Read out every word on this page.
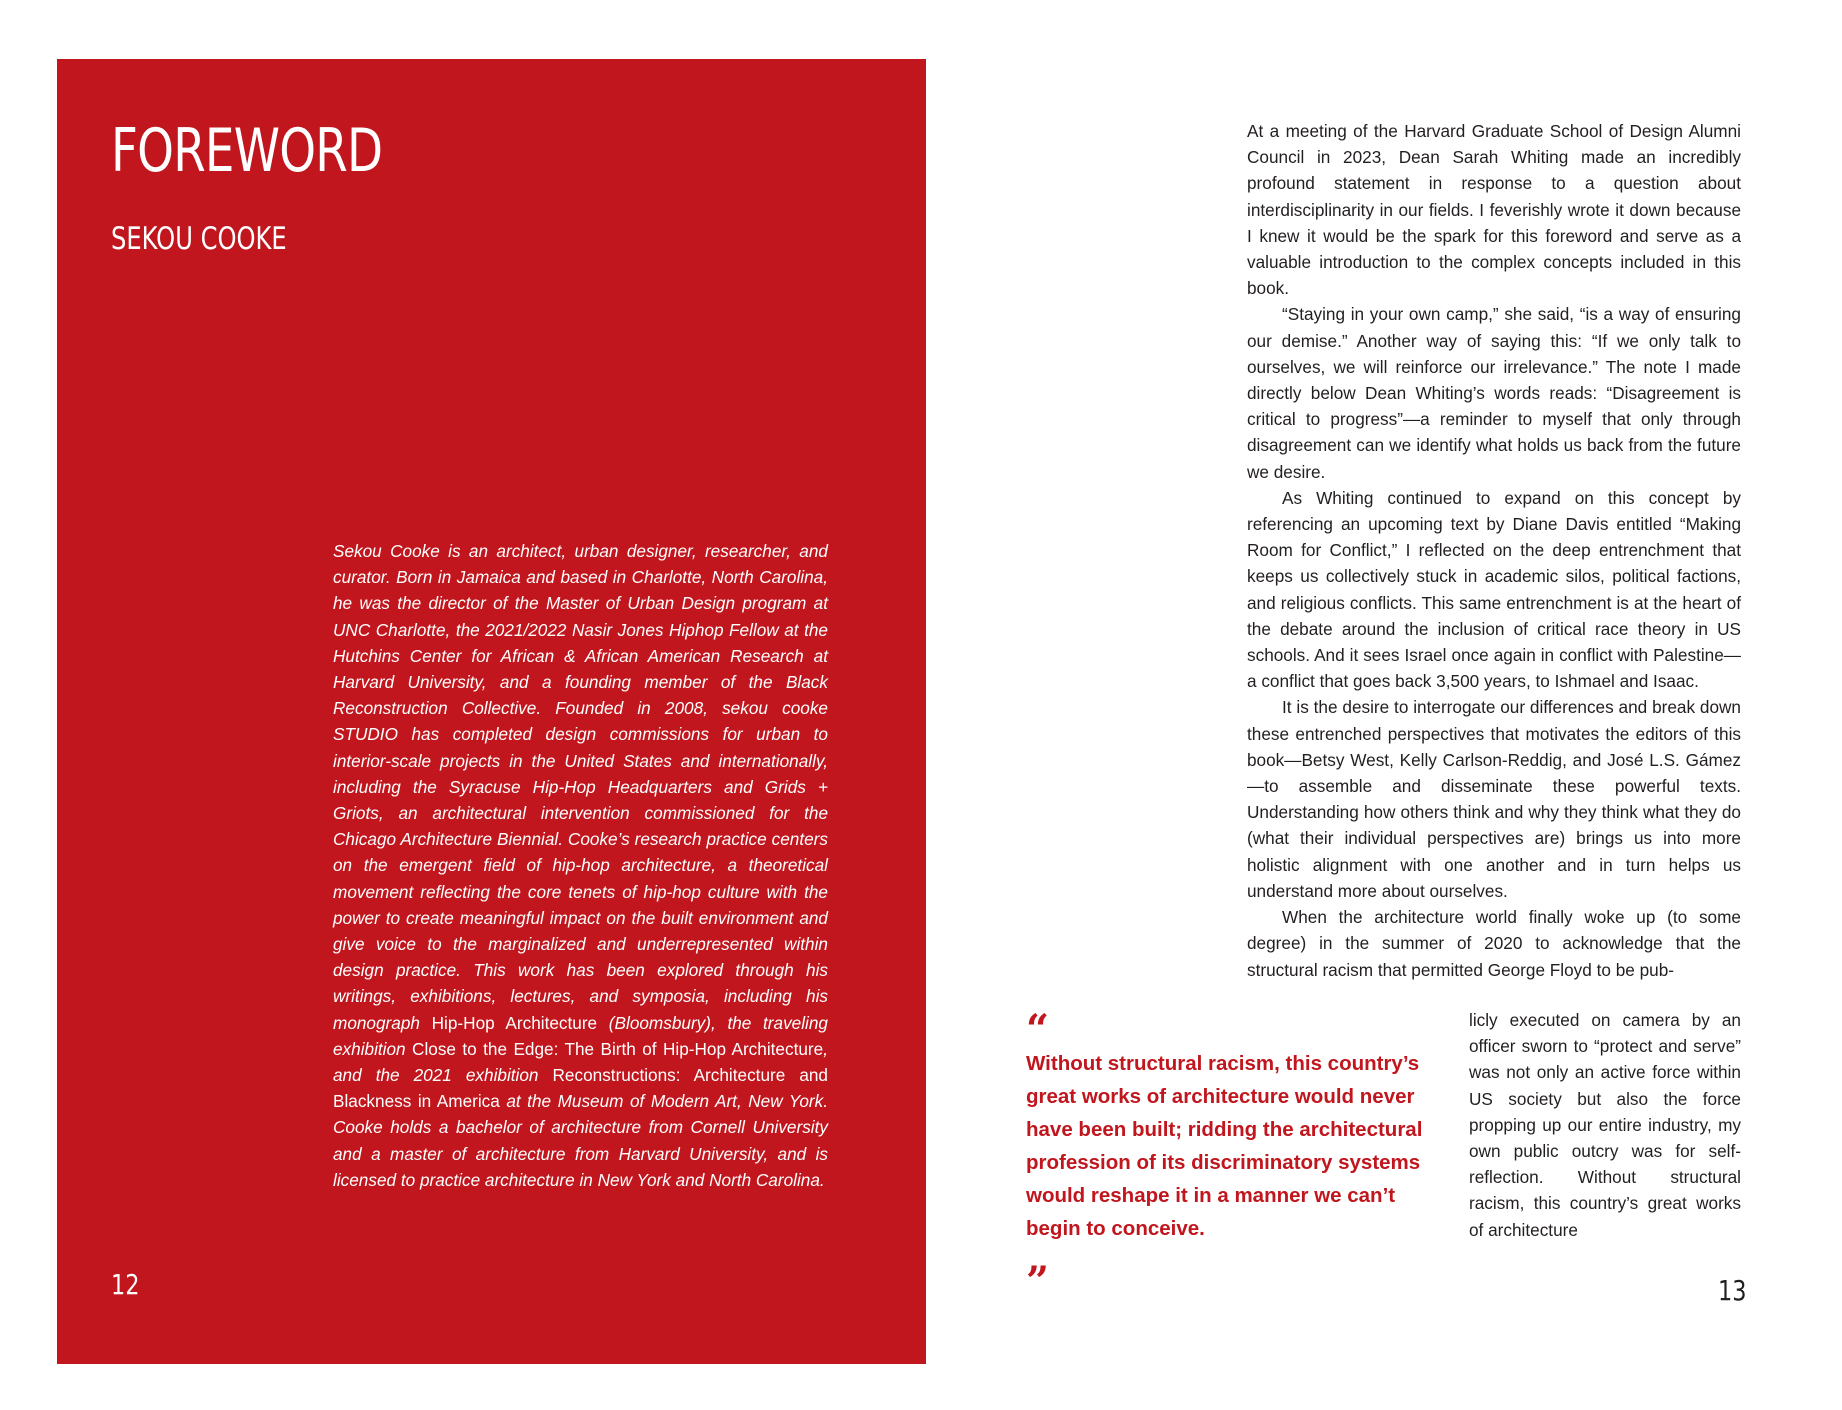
FOREWORD
SEKOU COOKE

Sekou Cooke is an architect, urban designer, researcher, and curator. Born in Jamaica and based in Charlotte, North Carolina, he was the director of the Master of Urban Design program at UNC Charlotte, the 2021/2022 Nasir Jones Hiphop Fellow at the Hutchins Center for African & African American Research at Harvard University, and a founding member of the Black Reconstruction Collective. Founded in 2008, sekou cooke STUDIO has completed design commissions for urban to interior-scale projects in the United States and internationally, including the Syracuse Hip-Hop Headquarters and Grids + Griots, an architectural intervention commissioned for the Chicago Architecture Biennial. Cooke’s research practice centers on the emergent field of hip-hop architecture, a theoretical movement reflecting the core tenets of hip-hop culture with the power to create meaningful impact on the built environment and give voice to the marginalized and underrepresented within design practice. This work has been explored through his writings, exhibitions, lectures, and symposia, including his monograph Hip-Hop Architecture (Bloomsbury), the traveling exhibition Close to the Edge: The Birth of Hip-Hop Architecture, and the 2021 exhibition Reconstructions: Architecture and Blackness in America at the Museum of Modern Art, New York. Cooke holds a bachelor of architecture from Cornell University and a master of architecture from Harvard University, and is licensed to practice architecture in New York and North Carolina.

12

At a meeting of the Harvard Graduate School of Design Alumni Council in 2023, Dean Sarah Whiting made an incredibly profound statement in response to a question about interdisciplinarity in our fields. I feverishly wrote it down because I knew it would be the spark for this foreword and serve as a valuable introduction to the complex concepts included in this book.

“Staying in your own camp,” she said, “is a way of ensuring our demise.” Another way of saying this: “If we only talk to ourselves, we will reinforce our irrelevance.” The note I made directly below Dean Whiting’s words reads: “Disagreement is critical to progress”—a reminder to myself that only through disagreement can we identify what holds us back from the future we desire.

As Whiting continued to expand on this concept by referencing an upcoming text by Diane Davis entitled “Making Room for Conflict,” I reflected on the deep entrenchment that keeps us collectively stuck in academic silos, political factions, and religious conflicts. This same entrenchment is at the heart of the debate around the inclusion of critical race theory in US schools. And it sees Israel once again in conflict with Palestine—a conflict that goes back 3,500 years, to Ishmael and Isaac.

It is the desire to interrogate our differences and break down these entrenched perspectives that motivates the editors of this book—Betsy West, Kelly Carlson-Reddig, and José L.S. Gámez—to assemble and disseminate these powerful texts. Understanding how others think and why they think what they do (what their individual perspectives are) brings us into more holistic alignment with one another and in turn helps us understand more about ourselves.

When the architecture world finally woke up (to some degree) in the summer of 2020 to acknowledge that the structural racism that permitted George Floyd to be pub-

licly executed on camera by an officer sworn to “protect and serve” was not only an active force within US society but also the force propping up our entire industry, my own public outcry was for self-reflection. Without structural racism, this country’s great works of architecture

“

Without structural racism, this country’s great works of architecture would never have been built; ridding the architectural profession of its discriminatory systems would reshape it in a manner we can’t begin to conceive.

”	13
